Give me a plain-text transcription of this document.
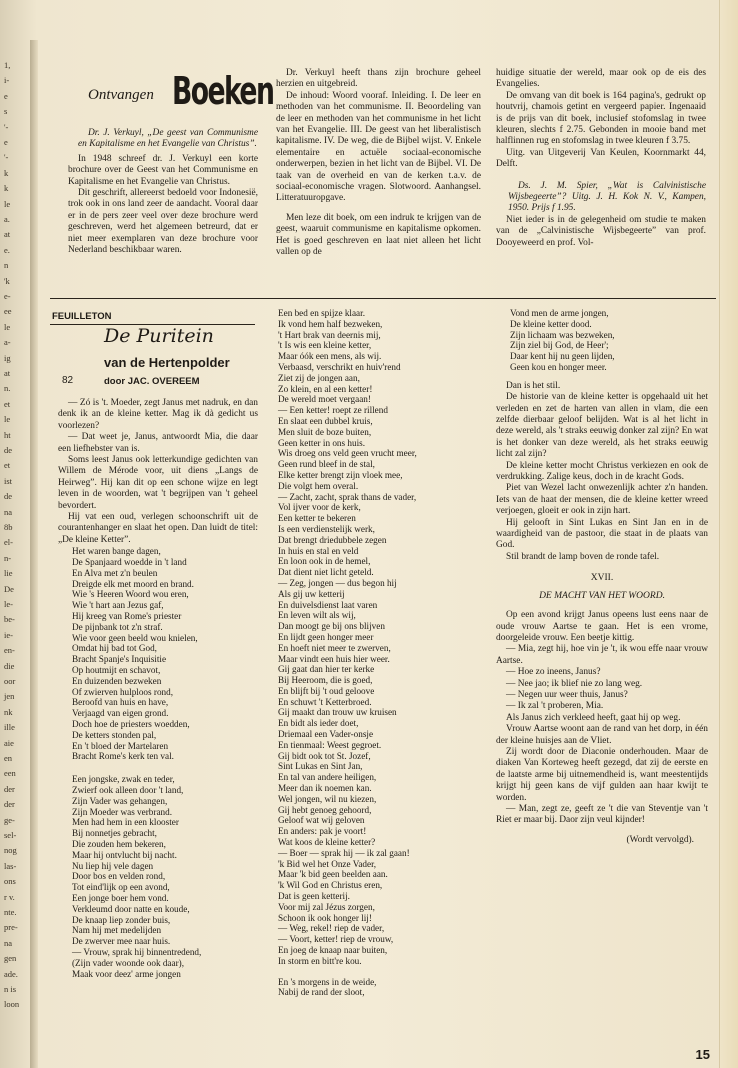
1,
i-
e
s
'-
e
'-
k
k
le
a.
at
e.
n
'k
e-
ee
le
a-
ig
at
n.
et
le
ht
de
et
ist
de
na
8b
el-
n-
lie
De
le-
be-
ie-
en-
die
oor
jen
nk
ille
aie
en
een
der
der
ge-
sel-
nog
las-
ons
r v.
nte.
pre-
na
gen
ade.
n is
loon
Ontvangen Boeken

Dr. J. Verkuyl, „De geest van Communisme en Kapitalisme en het Evangelie van Christus”.

In 1948 schreef dr. J. Verkuyl een korte brochure over de Geest van het Communisme en Kapitalisme en het Evangelie van Christus.

Dit geschrift, allereerst bedoeld voor Indonesië, trok ook in ons land zeer de aandacht. Vooral daar er in de pers zeer veel over deze brochure werd geschreven, werd het algemeen betreurd, dat er niet meer exemplaren van deze brochure voor Nederland beschikbaar waren.

Dr. Verkuyl heeft thans zijn brochure geheel herzien en uitgebreid.

De inhoud: Woord vooraf. Inleiding. I. De leer en methoden van het communisme. II. Beoordeling van de leer en methoden van het communisme in het licht van het Evangelie. III. De geest van het liberalistisch kapitalisme. IV. De weg, die de Bijbel wijst. V. Enkele elementaire en actuële sociaal-economische onderwerpen, bezien in het licht van de Bijbel. VI. De taak van de overheid en van de kerken t.a.v. de sociaal-economische vragen. Slotwoord. Aanhangsel. Litteratuuropgave.

Men leze dit boek, om een indruk te krijgen van de geest, waaruit communisme en kapitalisme opkomen. Het is goed geschreven en laat niet alleen het licht vallen op de

huidige situatie der wereld, maar ook op de eis des Evangelies.

De omvang van dit boek is 164 pagina's, gedrukt op houtvrij, chamois getint en vergeerd papier. Ingenaaid is de prijs van dit boek, inclusief stofomslag in twee kleuren, slechts f 2.75. Gebonden in mooie band met halflinnen rug en stofomslag in twee kleuren f 3.75.

Uitg. van Uitgeverij Van Keulen, Koornmarkt 44, Delft.

Ds. J. M. Spier, „Wat is Calvinistische Wijsbegeerte”? Uitg. J. H. Kok N. V., Kampen, 1950. Prijs f 1.95.

Niet ieder is in de gelegenheid om studie te maken van de „Calvinistische Wijsbegeerte” van prof. Dooyeweerd en prof. Vol-

FEUILLETON
De Puritein
van de Hertenpolder
82	door JAC. OVEREEM

— Zó is 't. Moeder, zegt Janus met nadruk, en dan denk ik an de kleine ketter. Mag ik dà gedicht us voorlezen?

— Dat weet je, Janus, antwoordt Mia, die daar een liefhebster van is.

Soms leest Janus ook letterkundige gedichten van Willem de Mérode voor, uit diens „Langs de Heirweg”. Hij kan dit op een schone wijze en legt leven in de woorden, wat 't begrijpen van 't geheel bevordert.

Hij vat een oud, verlegen schoonschrift uit de courantenhanger en slaat het open. Dan luidt de titel: „De kleine Ketter”.

Het waren bange dagen,
De Spanjaard woedde in 't land
En Alva met z'n beulen
Dreigde elk met moord en brand.
Wie 's Heeren Woord wou eren,
Wie 't hart aan Jezus gaf,
Hij kreeg van Rome's priester
De pijnbank tot z'n straf.
Wie voor geen beeld wou knielen,
Omdat hij bad tot God,
Bracht Spanje's Inquisitie
Op houtmijt en schavot,
En duizenden bezweken
Of zwierven hulploos rond,
Beroofd van huis en have,
Verjaagd van eigen grond.
Doch hoe de priesters woedden,
De ketters stonden pal,
En 't bloed der Martelaren
Bracht Rome's kerk ten val.
Een jongske, zwak en teder,
Zwierf ook alleen door 't land,
Zijn Vader was gehangen,
Zijn Moeder was verbrand.
Men had hem in een klooster
Bij nonnetjes gebracht,
Die zouden hem bekeren,
Maar hij ontvlucht bij nacht.
Nu liep hij vele dagen
Door bos en velden rond,
Tot eind'lijk op een avond,
Een jonge boer hem vond.
Verkleumd door natte en koude,
De knaap liep zonder buis,
Nam hij met medelijden
De zwerver mee naar huis.
— Vrouw, sprak hij binnentredend,
(Zijn vader woonde ook daar),
Maak voor deez' arme jongen
Een bed en spijze klaar.
Ik vond hem half bezweken,
't Hart brak van deernis mij,
't Is wis een kleine ketter,
Maar óók een mens, als wij.
Verbaasd, verschrikt en huiv'rend
Ziet zij de jongen aan,
Zo klein, en al een ketter!
De wereld moet vergaan!
— Een ketter! roept ze rillend
En slaat een dubbel kruis,
Men sluit de boze buiten,
Geen ketter in ons huis.
Wis droeg ons veld geen vrucht meer,
Geen rund bleef in de stal,
Elke ketter brengt zijn vloek mee,
Die volgt hem overal.
— Zacht, zacht, sprak thans de vader,
Vol ijver voor de kerk,
Een ketter te bekeren
Is een verdienstelijk werk,
Dat brengt driedubbele zegen
In huis en stal en veld
En loon ook in de hemel,
Dat dient niet licht geteld.
— Zeg, jongen — dus begon hij
Als gij uw ketterij
En duivelsdienst laat varen
En leven wilt als wij,
Dan moogt ge bij ons blijven
En lijdt geen honger meer
En hoeft niet meer te zwerven,
Maar vindt een huis hier weer.
Gij gaat dan hier ter kerke
Bij Heeroom, die is goed,
En blijft bij 't oud geloove
En schuwt 't Ketterbroed.
Gij maakt dan trouw uw kruisen
En bidt als ieder doet,
Driemaal een Vader-onsje
En tienmaal: Weest gegroet.
Gij bidt ook tot St. Jozef,
Sint Lukas en Sint Jan,
En tal van andere heiligen,
Meer dan ik noemen kan.
Wel jongen, wil nu kiezen,
Gij hebt genoeg gehoord,
Geloof wat wij geloven
En anders: pak je voort!
Wat koos de kleine ketter?
— Boer — sprak hij — ik zal gaan!
'k Bid wel het Onze Vader,
Maar 'k bid geen beelden aan.
'k Wil God en Christus eren,
Dat is geen ketterij.
Voor mij zal Jézus zorgen,
Schoon ik ook honger lij!
— Weg, rekel! riep de vader,
— Voort, ketter! riep de vrouw,
En joeg de knaap naar buiten,
In storm en bitt're kou.
En 's morgens in de weide,
Nabij de rand der sloot,
Vond men de arme jongen,
De kleine ketter dood.
Zijn lichaam was bezweken,
Zijn ziel bij God, de Heer';
Daar kent hij nu geen lijden,
Geen kou en honger meer.

Dan is het stil.

De historie van de kleine ketter is opgehaald uit het verleden en zet de harten van allen in vlam, die een zelfde dierbaar geloof belijden. Wat is al het licht in deze wereld, als 't straks eeuwig donker zal zijn? En wat is het donker van deze wereld, als het straks eeuwig licht zal zijn?

De kleine ketter mocht Christus verkiezen en ook de verdrukking. Zalige keus, doch in de kracht Gods.

Piet van Wezel lacht onwezenlijk achter z'n handen. Iets van de haat der mensen, die de kleine ketter wreed verjoegen, gloeit er ook in zijn hart.

Hij gelooft in Sint Lukas en Sint Jan en in de waardigheid van de pastoor, die staat in de plaats van God.

Stil brandt de lamp boven de ronde tafel.

XVII.
DE MACHT VAN HET WOORD.

Op een avond krijgt Janus opeens lust eens naar de oude vrouw Aartse te gaan. Het is een vrome, doorgeleide vrouw. Een beetje kittig.

— Mia, zegt hij, hoe vin je 't, ik wou effe naar vrouw Aartse.

— Hoe zo ineens, Janus?

— Nee jao; ik blief nie zo lang weg.

— Negen uur weer thuis, Janus?

— Ik zal 't proberen, Mia.

Als Janus zich verkleed heeft, gaat hij op weg.

Vrouw Aartse woont aan de rand van het dorp, in één der kleine huisjes aan de Vliet.

Zij wordt door de Diaconie onderhouden. Maar de diaken Van Korteweg heeft gezegd, dat zij de eerste en de laatste arme bij uitnemendheid is, want meestentijds krijgt hij geen kans de vijf gulden aan haar kwijt te worden.

— Man, zegt ze, geeft ze 't die van Steventje van 't Riet er maar bij. Daor zijn veul kijnder!

(Wordt vervolgd).
15
